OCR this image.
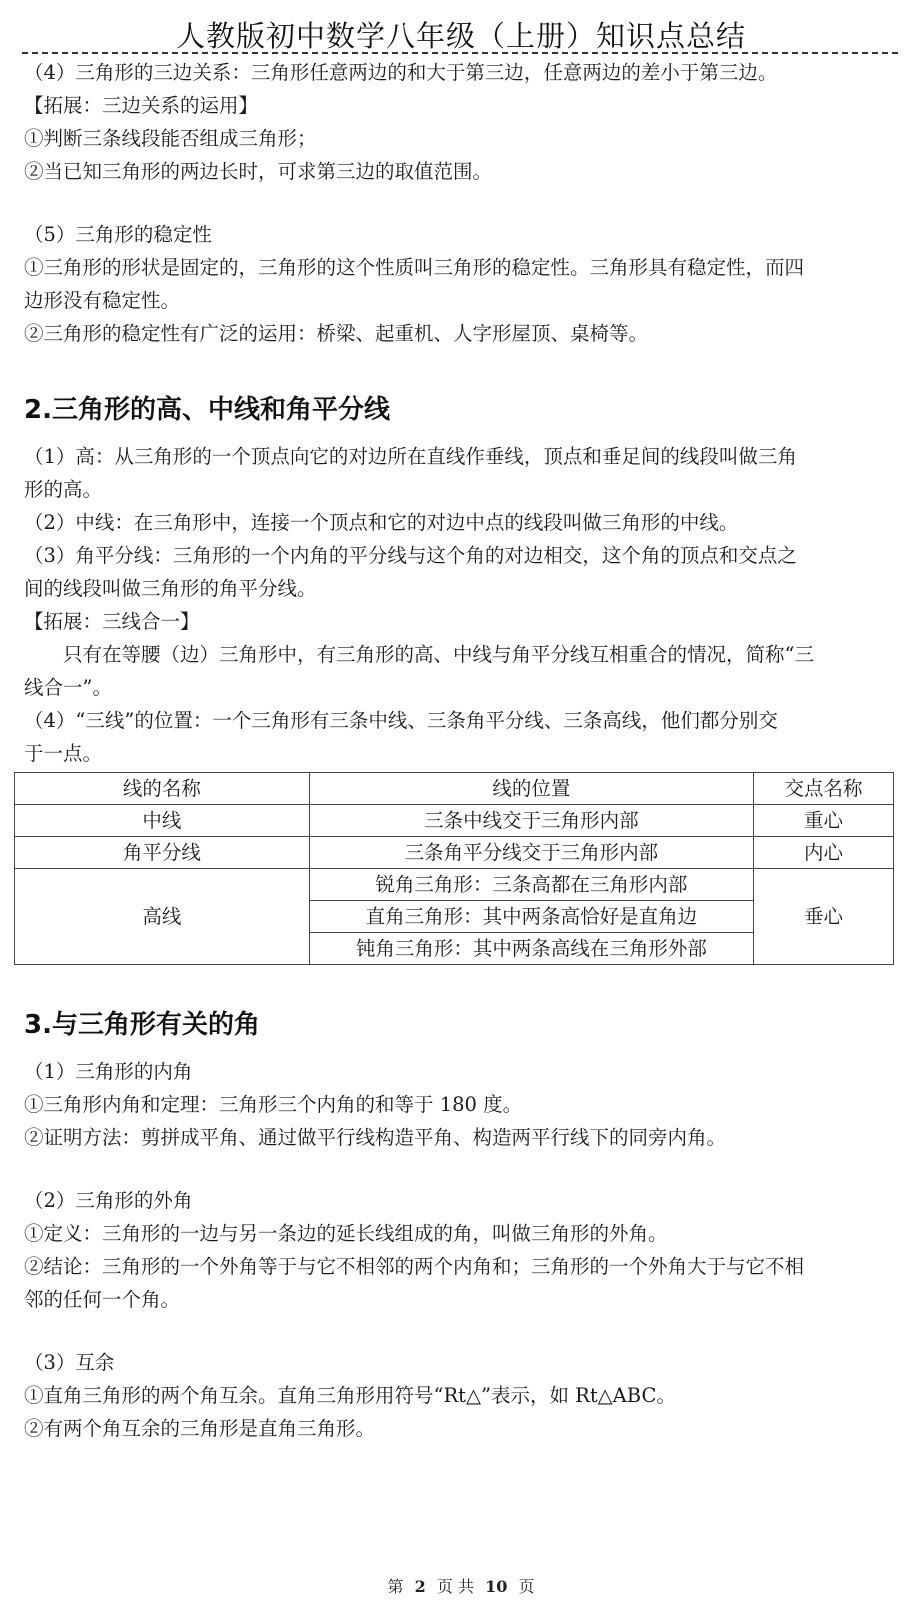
人教版初中数学八年级（上册）知识点总结

（4）三角形的三边关系：三角形任意两边的和大于第三边，任意两边的差小于第三边。

【拓展：三边关系的运用】

①判断三条线段能否组成三角形；

②当已知三角形的两边长时，可求第三边的取值范围。

（5）三角形的稳定性

①三角形的形状是固定的，三角形的这个性质叫三角形的稳定性。三角形具有稳定性，而四

边形没有稳定性。

②三角形的稳定性有广泛的运用：桥梁、起重机、人字形屋顶、桌椅等。

2.三角形的高、中线和角平分线

（1）高：从三角形的一个顶点向它的对边所在直线作垂线，顶点和垂足间的线段叫做三角

形的高。

（2）中线：在三角形中，连接一个顶点和它的对边中点的线段叫做三角形的中线。

（3）角平分线：三角形的一个内角的平分线与这个角的对边相交，这个角的顶点和交点之

间的线段叫做三角形的角平分线。

【拓展：三线合一】

只有在等腰（边）三角形中，有三角形的高、中线与角平分线互相重合的情况，简称“三

线合一”。

（4）“三线”的位置：一个三角形有三条中线、三条角平分线、三条高线，他们都分别交

于一点。

线的名称	线的位置	交点名称
中线	三条中线交于三角形内部	重心
角平分线	三条角平分线交于三角形内部	内心
高线	锐角三角形：三条高都在三角形内部	垂心
	直角三角形：其中两条高恰好是直角边	
	钝角三角形：其中两条高线在三角形外部	
3.与三角形有关的角

（1）三角形的内角

①三角形内角和定理：三角形三个内角的和等于 180 度。

②证明方法：剪拼成平角、通过做平行线构造平角、构造两平行线下的同旁内角。

（2）三角形的外角

①定义：三角形的一边与另一条边的延长线组成的角，叫做三角形的外角。

②结论：三角形的一个外角等于与它不相邻的两个内角和；三角形的一个外角大于与它不相

邻的任何一个角。

（3）互余

①直角三角形的两个角互余。直角三角形用符号“Rt△”表示，如 Rt△ABC。

②有两个角互余的三角形是直角三角形。

第 2 页 共 10 页
